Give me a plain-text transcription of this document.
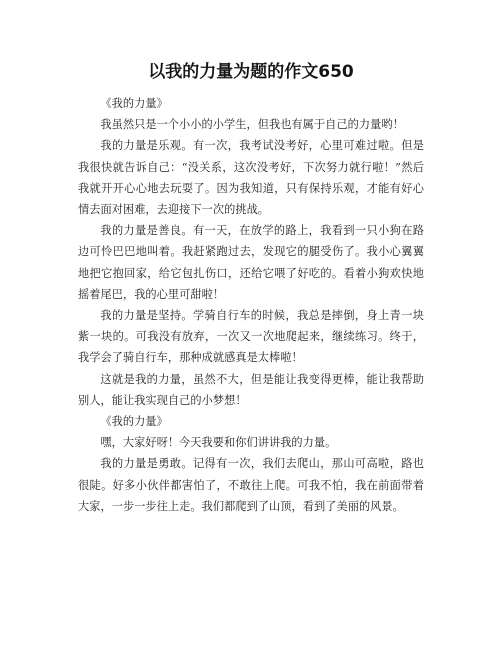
以我的力量为题的作文650

《我的力量》

我虽然只是一个小小的小学生，但我也有属于自己的力量哟！

我的力量是乐观。有一次，我考试没考好，心里可难过啦。但是我很快就告诉自己：“没关系，这次没考好，下次努力就行啦！”然后我就开开心心地去玩耍了。因为我知道，只有保持乐观，才能有好心情去面对困难，去迎接下一次的挑战。

我的力量是善良。有一天，在放学的路上，我看到一只小狗在路边可怜巴巴地叫着。我赶紧跑过去，发现它的腿受伤了。我小心翼翼地把它抱回家，给它包扎伤口，还给它喂了好吃的。看着小狗欢快地摇着尾巴，我的心里可甜啦！

我的力量是坚持。学骑自行车的时候，我总是摔倒，身上青一块紫一块的。可我没有放弃，一次又一次地爬起来，继续练习。终于，我学会了骑自行车，那种成就感真是太棒啦！

这就是我的力量，虽然不大，但是能让我变得更棒，能让我帮助别人，能让我实现自己的小梦想！

《我的力量》

嘿，大家好呀！今天我要和你们讲讲我的力量。

我的力量是勇敢。记得有一次，我们去爬山，那山可高啦，路也很陡。好多小伙伴都害怕了，不敢往上爬。可我不怕，我在前面带着大家，一步一步往上走。我们都爬到了山顶，看到了美丽的风景。
